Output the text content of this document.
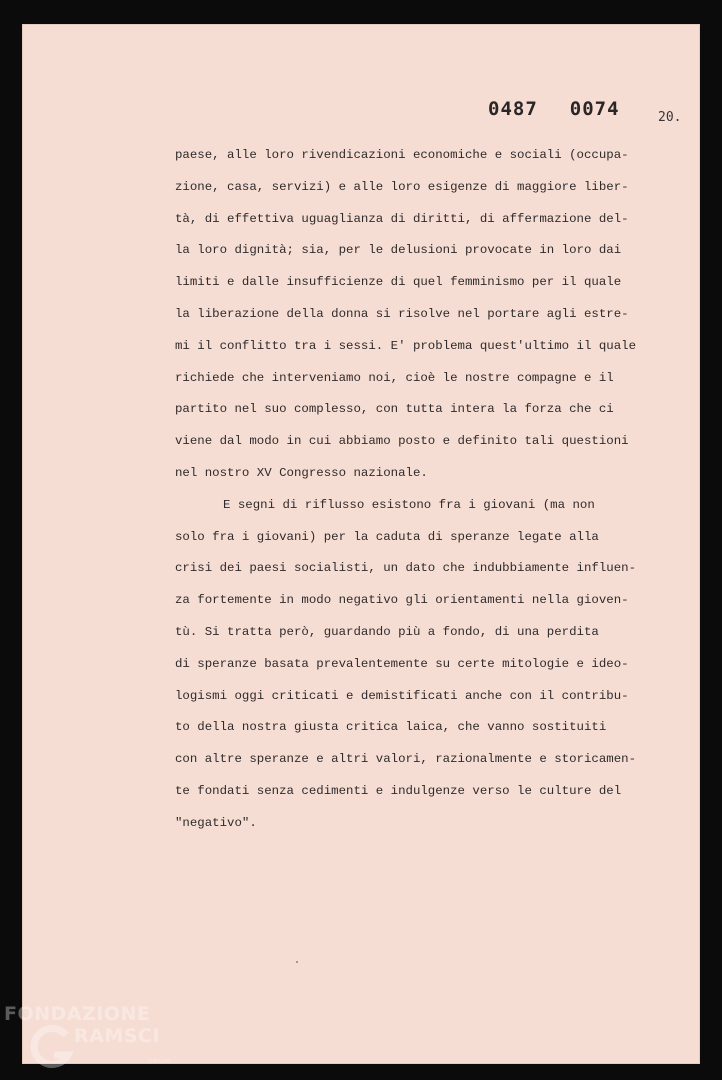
0487 0074	20.
paese, alle loro rivendicazioni economiche e sociali (occupa-
zione, casa, servizi) e alle loro esigenze di maggiore liber-
tà, di effettiva uguaglianza di diritti, di affermazione del-
la loro dignità; sia, per le delusioni provocate in loro dai
limiti e dalle insufficienze di quel femminismo per il quale
la liberazione della donna si risolve nel portare agli estre-
mi il conflitto tra i sessi. E' problema quest'ultimo il quale
richiede che interveniamo noi, cioè le nostre compagne e il
partito nel suo complesso, con tutta intera la forza che ci
viene dal modo in cui abbiamo posto e definito tali questioni
nel nostro XV Congresso nazionale.
E segni di riflusso esistono fra i giovani (ma non
solo fra i giovani) per la caduta di speranze legate alla
crisi dei paesi socialisti, un dato che indubbiamente influen-
za fortemente in modo negativo gli orientamenti nella gioven-
tù. Si tratta però, guardando più a fondo, di una perdita
di speranze basata prevalentemente su certe mitologie e ideo-
logismi oggi criticati e demistificati anche con il contribu-
to della nostra giusta critica laica, che vanno sostituiti
con altre speranze e altri valori, razionalmente e storicamen-
te fondati senza cedimenti e indulgenze verso le culture del
"negativo".
FONDAZIONE
RAMSCI
ONLUS
